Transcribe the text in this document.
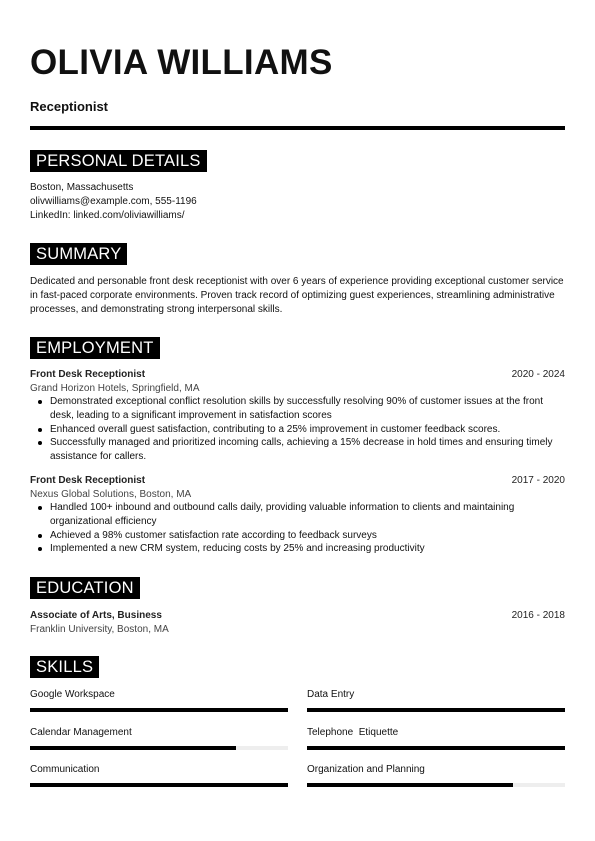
OLIVIA WILLIAMS
Receptionist
PERSONAL DETAILS
Boston, Massachusetts
olivwilliams@example.com, 555-1196
LinkedIn: linked.com/oliviawilliams/
SUMMARY
Dedicated and personable front desk receptionist with over 6 years of experience providing exceptional customer service in fast-paced corporate environments. Proven track record of optimizing guest experiences, streamlining administrative processes, and demonstrating strong interpersonal skills.
EMPLOYMENT
Front Desk Receptionist	2020 - 2024
Grand Horizon Hotels, Springfield, MA
Demonstrated exceptional conflict resolution skills by successfully resolving 90% of customer issues at the front desk, leading to a significant improvement in satisfaction scores
Enhanced overall guest satisfaction, contributing to a 25% improvement in customer feedback scores.
Successfully managed and prioritized incoming calls, achieving a 15% decrease in hold times and ensuring timely assistance for callers.
Front Desk Receptionist	2017 - 2020
Nexus Global Solutions, Boston, MA
Handled 100+ inbound and outbound calls daily, providing valuable information to clients and maintaining organizational efficiency
Achieved a 98% customer satisfaction rate according to feedback surveys
Implemented a new CRM system, reducing costs by 25% and increasing productivity
EDUCATION
Associate of Arts, Business	2016 - 2018
Franklin University, Boston, MA
SKILLS
Google Workspace	Data Entry
Calendar Management	Telephone  Etiquette
Communication	Organization and Planning
